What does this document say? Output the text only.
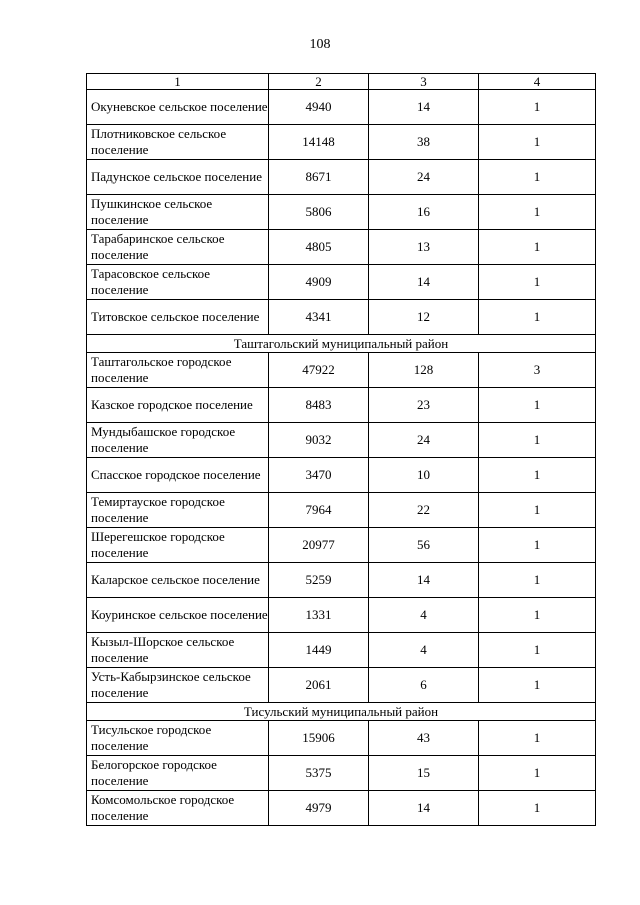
108
1	2	3	4
Окуневское сельское поселение	4940	14	1
Плотниковское сельское поселение	14148	38	1
Падунское сельское поселение	8671	24	1
Пушкинское сельское поселение	5806	16	1
Тарабаринское сельское поселение	4805	13	1
Тарасовское сельское поселение	4909	14	1
Титовское сельское поселение	4341	12	1
Таштагольский муниципальный район			
Таштагольское городское поселение	47922	128	3
Казское городское поселение	8483	23	1
Мундыбашское городское поселение	9032	24	1
Спасское городское поселение	3470	10	1
Темиртауское городское поселение	7964	22	1
Шерегешское городское поселение	20977	56	1
Каларское сельское поселение	5259	14	1
Коуринское сельское поселение	1331	4	1
Кызыл-Шорское сельское поселение	1449	4	1
Усть-Кабырзинское сельское поселение	2061	6	1
Тисульский муниципальный район			
Тисульское городское поселение	15906	43	1
Белогорское городское поселение	5375	15	1
Комсомольское городское поселение	4979	14	1
